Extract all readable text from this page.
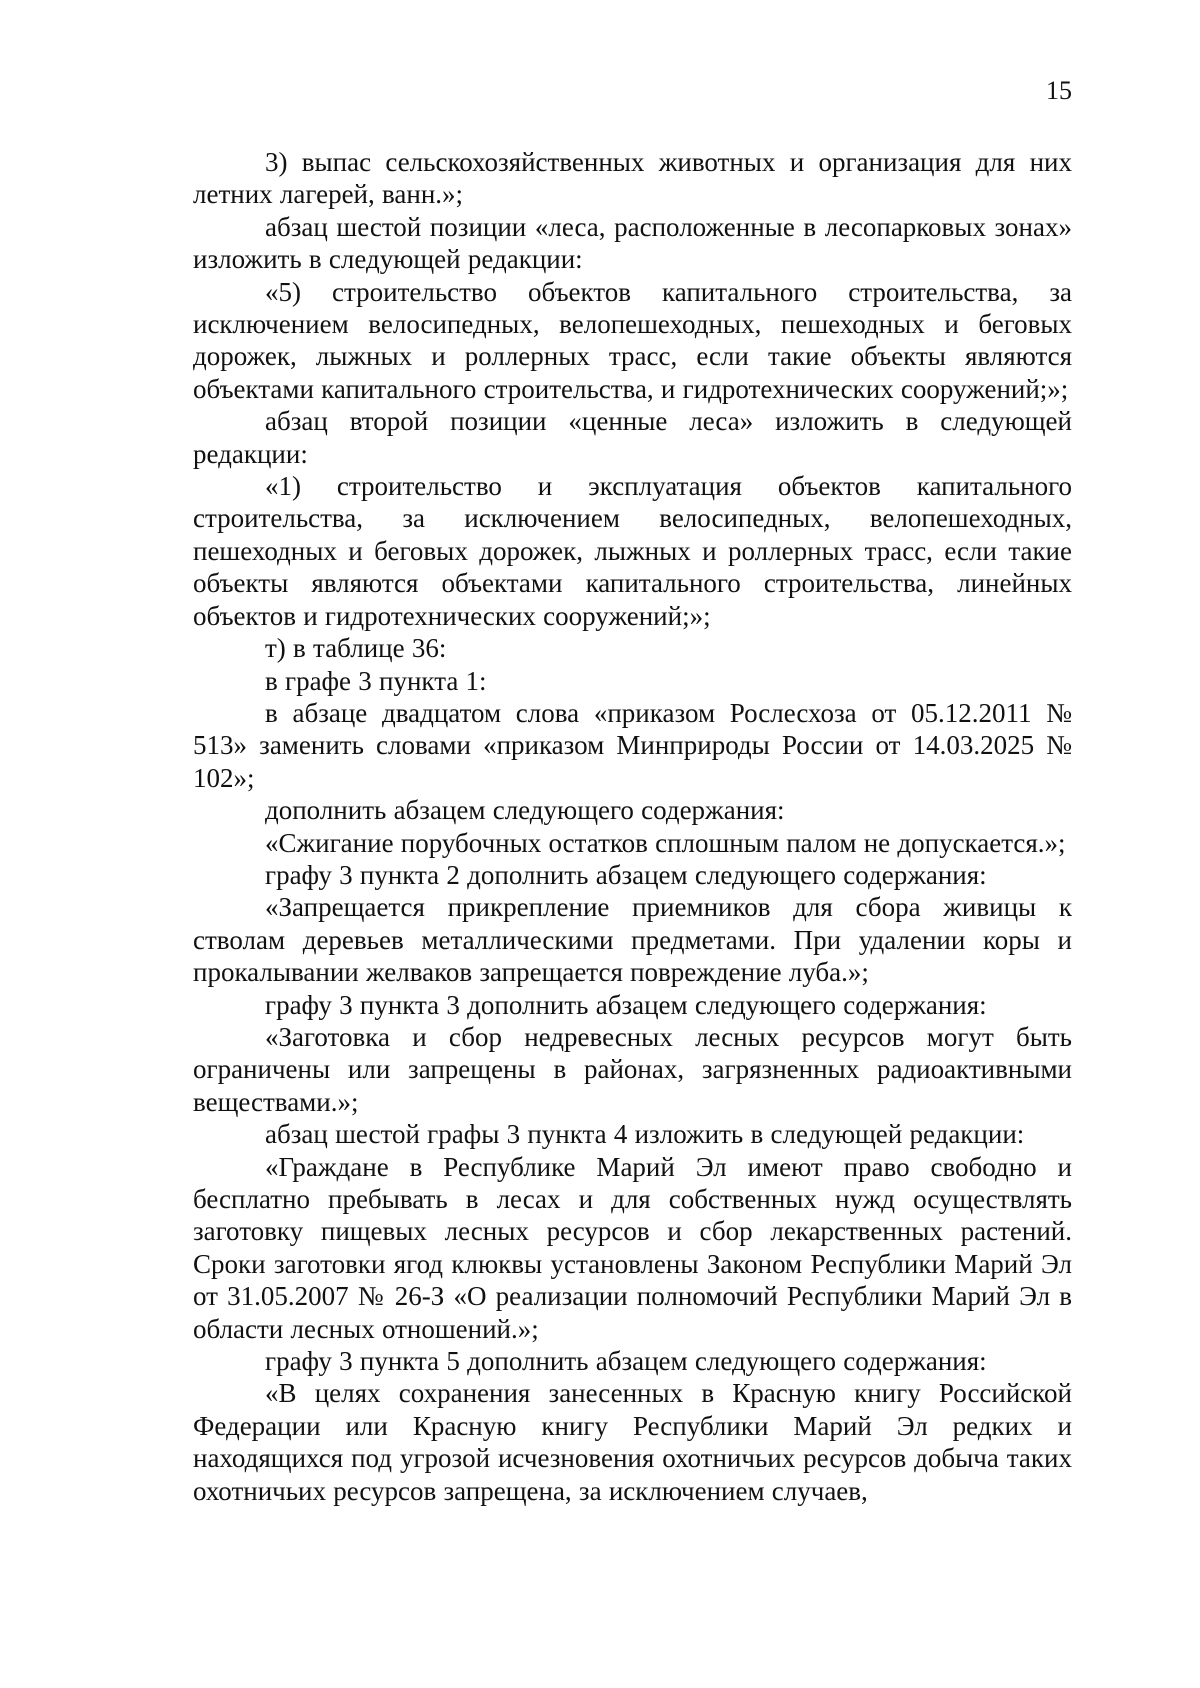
15

3) выпас сельскохозяйственных животных и организация для них летних лагерей, ванн.»;

абзац шестой позиции «леса, расположенные в лесопарковых зонах» изложить в следующей редакции:

«5) строительство объектов капитального строительства, за исключением велосипедных, велопешеходных, пешеходных и беговых дорожек, лыжных и роллерных трасс, если такие объекты являются объектами капитального строительства, и гидротехнических сооружений;»;

абзац второй позиции «ценные леса» изложить в следующей редакции:

«1) строительство и эксплуатация объектов капитального строительства, за исключением велосипедных, велопешеходных, пешеходных и беговых дорожек, лыжных и роллерных трасс, если такие объекты являются объектами капитального строительства, линейных объектов и гидротехнических сооружений;»;

т) в таблице 36:

в графе 3 пункта 1:

в абзаце двадцатом слова «приказом Рослесхоза от 05.12.2011 № 513» заменить словами «приказом Минприроды России от 14.03.2025 № 102»;

дополнить абзацем следующего содержания:

«Сжигание порубочных остатков сплошным палом не допускается.»;

графу 3 пункта 2 дополнить абзацем следующего содержания:

«Запрещается прикрепление приемников для сбора живицы к стволам деревьев металлическими предметами. При удалении коры и прокалывании желваков запрещается повреждение луба.»;

графу 3 пункта 3 дополнить абзацем следующего содержания:

«Заготовка и сбор недревесных лесных ресурсов могут быть ограничены или запрещены в районах, загрязненных радиоактивными веществами.»;

абзац шестой графы 3 пункта 4 изложить в следующей редакции:

«Граждане в Республике Марий Эл имеют право свободно и бесплатно пребывать в лесах и для собственных нужд осуществлять заготовку пищевых лесных ресурсов и сбор лекарственных растений. Сроки заготовки ягод клюквы установлены Законом Республики Марий Эл от 31.05.2007 № 26-З «О реализации полномочий Республики Марий Эл в области лесных отношений.»;

графу 3 пункта 5 дополнить абзацем следующего содержания:

«В целях сохранения занесенных в Красную книгу Российской Федерации или Красную книгу Республики Марий Эл редких и находящихся под угрозой исчезновения охотничьих ресурсов добыча таких охотничьих ресурсов запрещена, за исключением случаев,
